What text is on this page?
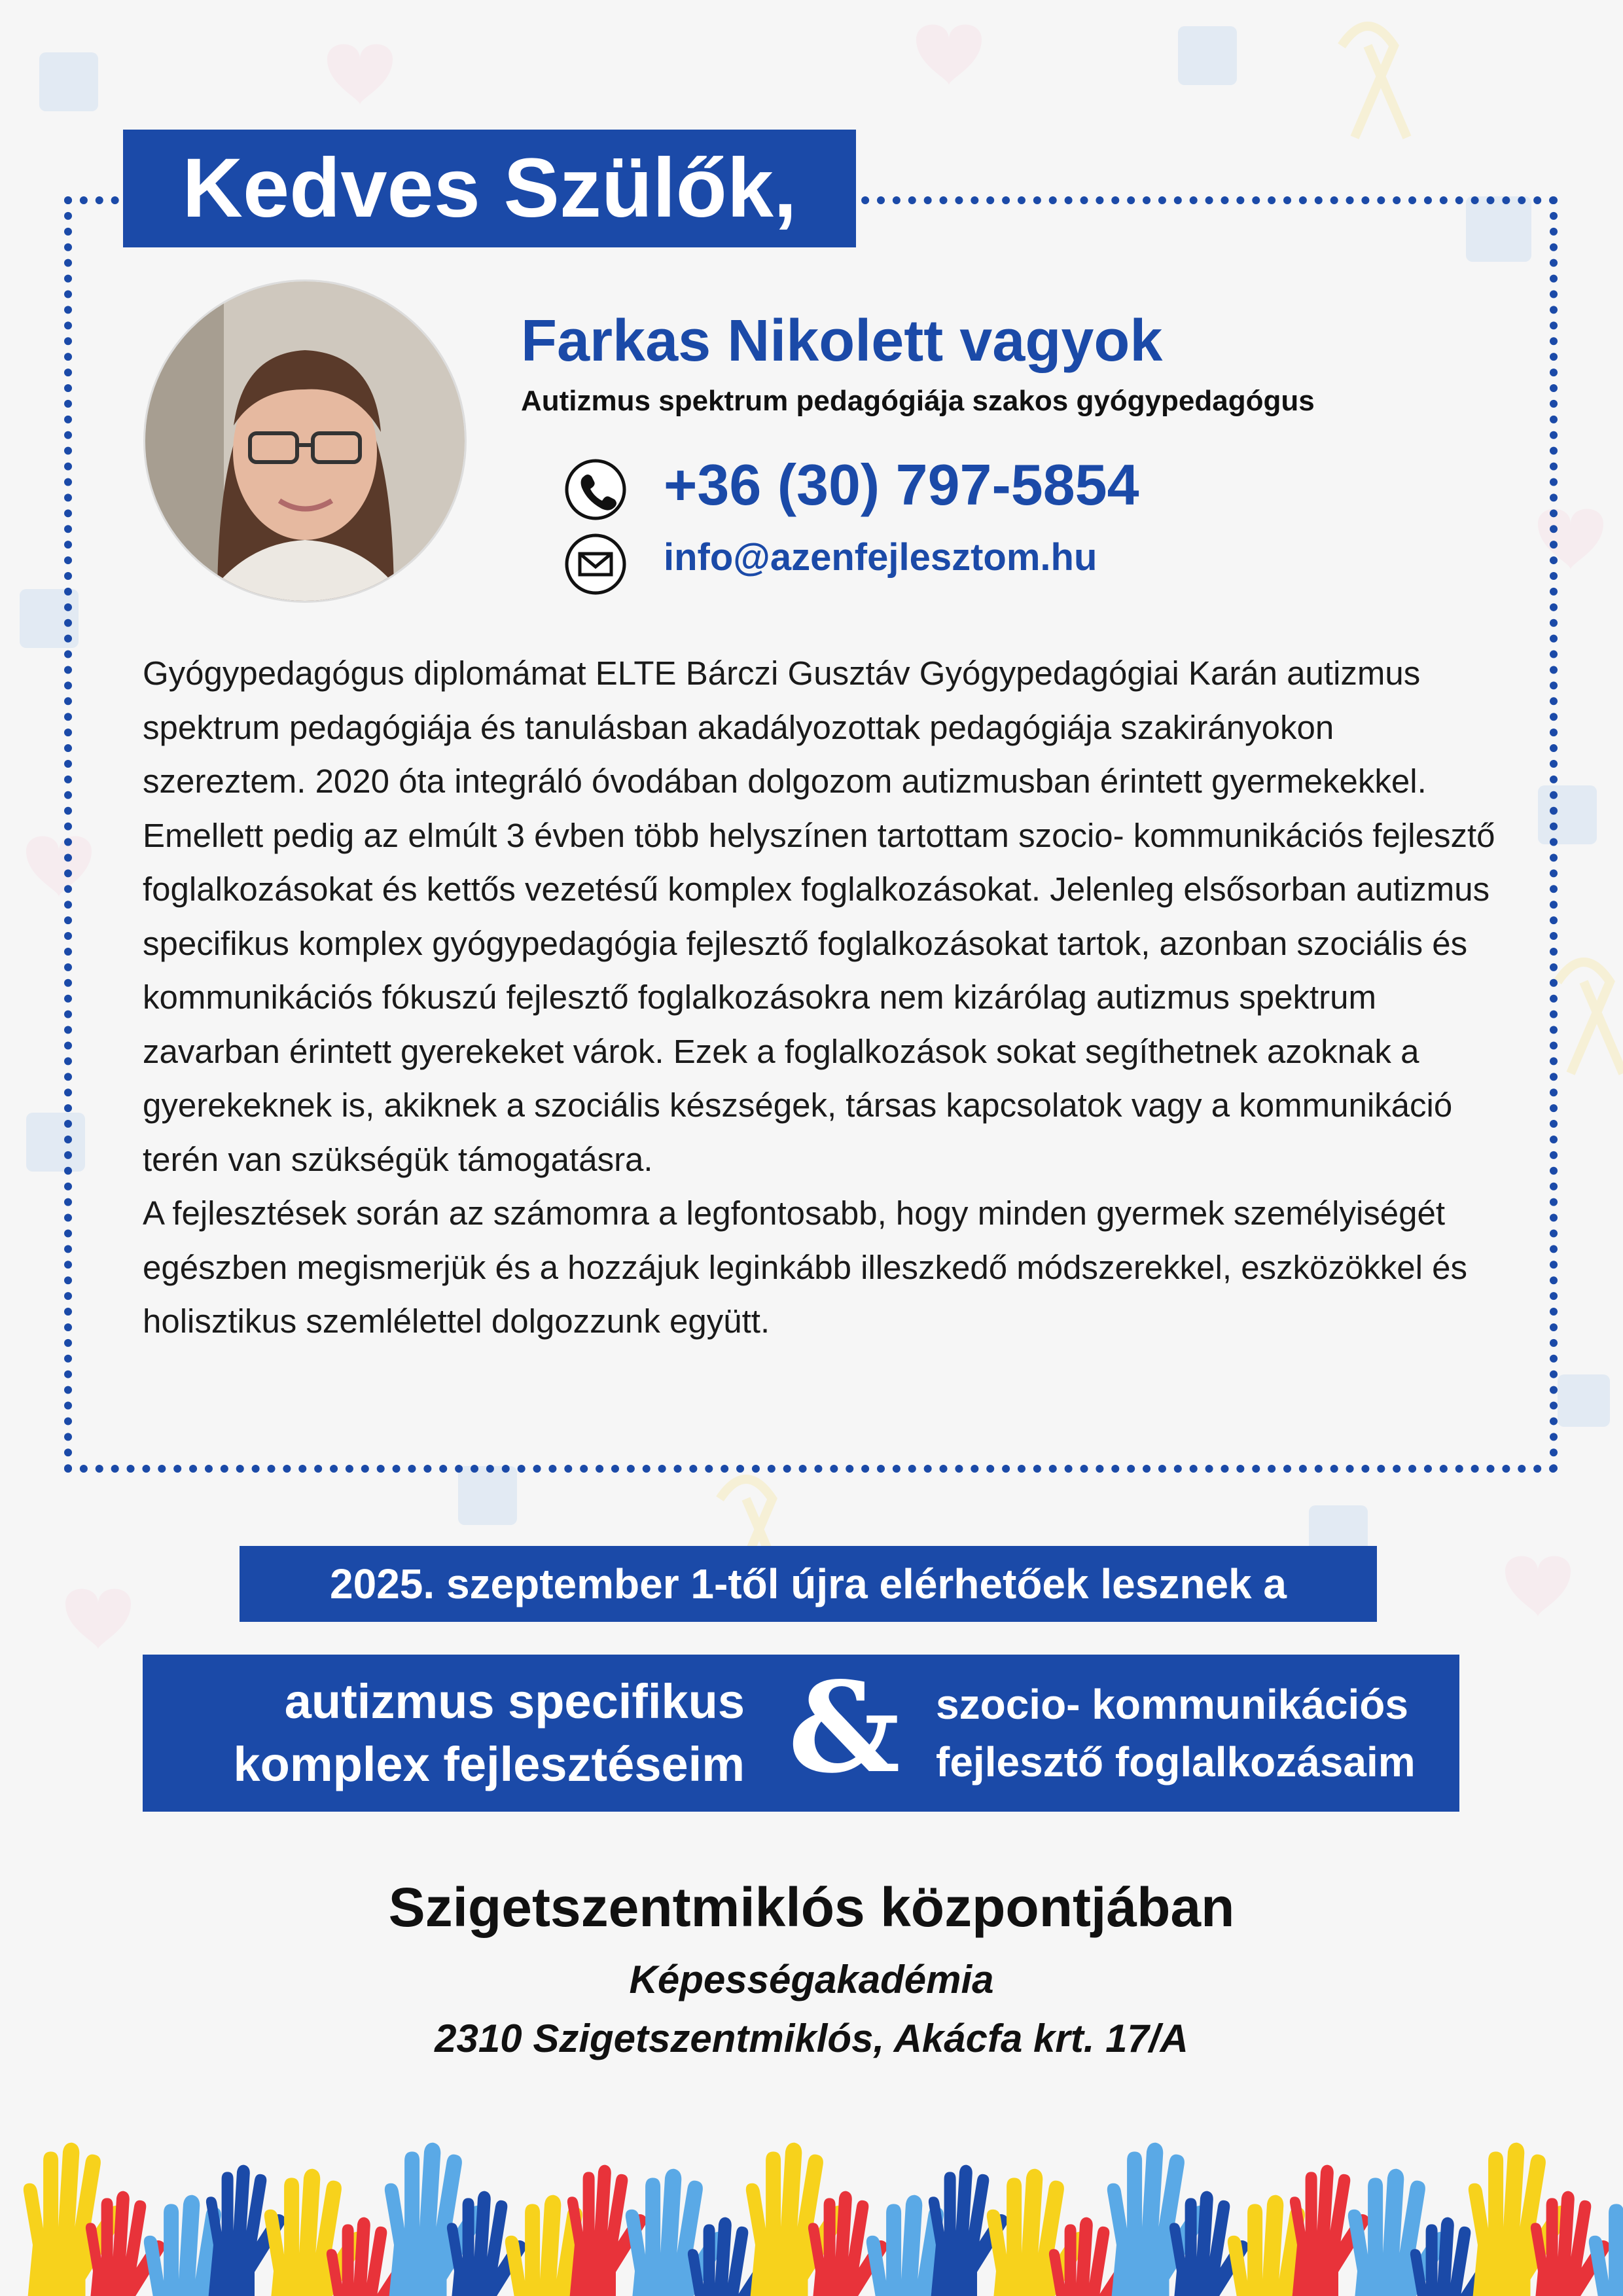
Kedves Szülők,
Farkas Nikolett vagyok
Autizmus spektrum pedagógiája szakos gyógypedagógus
+36 (30) 797-5854
info@azenfejlesztom.hu

Gyógypedagógus diplomámat ELTE Bárczi Gusztáv Gyógypedagógiai Karán autizmus spektrum pedagógiája és tanulásban akadályozottak pedagógiája szakirányokon szereztem. 2020 óta integráló óvodában dolgozom autizmusban érintett gyermekekkel. Emellett pedig az elmúlt 3 évben több helyszínen tartottam szocio- kommunikációs fejlesztő foglalkozásokat és kettős vezetésű komplex foglalkozásokat. Jelenleg elsősorban autizmus specifikus komplex gyógypedagógia fejlesztő foglalkozásokat tartok, azonban szociális és kommunikációs fókuszú fejlesztő foglalkozásokra nem kizárólag autizmus spektrum zavarban érintett gyerekeket várok. Ezek a foglalkozások sokat segíthetnek azoknak a gyerekeknek is, akiknek a szociális készségek, társas kapcsolatok vagy a kommunikáció terén van szükségük támogatásra.

A fejlesztések során az számomra a legfontosabb, hogy minden gyermek személyiségét egészben megismerjük és a hozzájuk leginkább illeszkedő módszerekkel, eszközökkel és holisztikus szemlélettel dolgozzunk együtt.

2025. szeptember 1-től újra elérhetőek lesznek a
autizmus specifikus
komplex fejlesztéseim & szocio- kommunikációs
fejlesztő foglalkozásaim
Szigetszentmiklós központjában
Képességakadémia
2310 Szigetszentmiklós, Akácfa krt. 17/A
